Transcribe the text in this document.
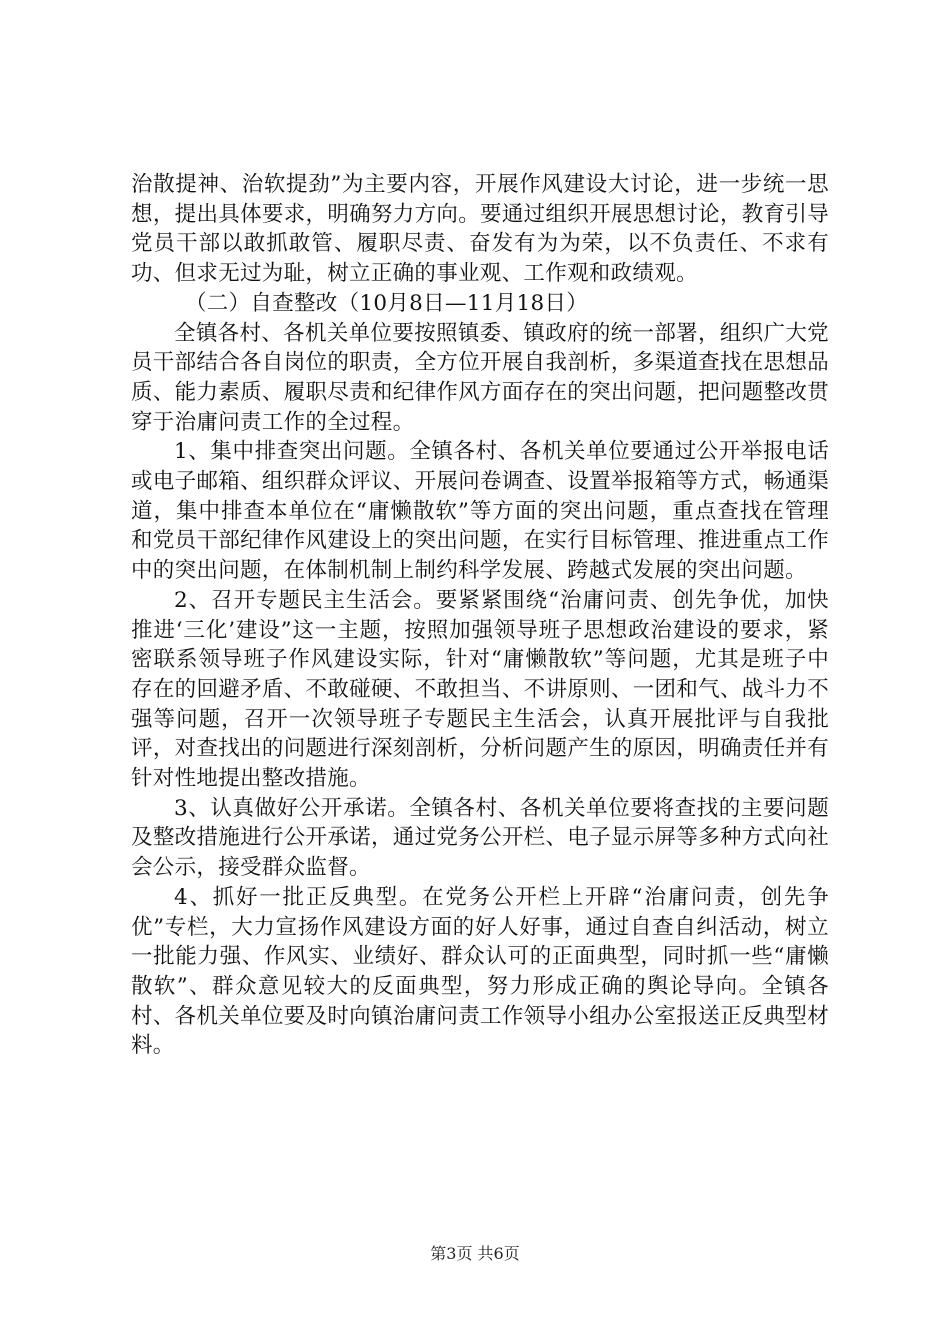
治散提神、治软提劲”为主要内容，开展作风建设大讨论，进一步统一思想，提出具体要求，明确努力方向。要通过组织开展思想讨论，教育引导党员干部以敢抓敢管、履职尽责、奋发有为为荣，以不负责任、不求有功、但求无过为耻，树立正确的事业观、工作观和政绩观。

（二）自查整改（10月8日—11月18日）

全镇各村、各机关单位要按照镇委、镇政府的统一部署，组织广大党员干部结合各自岗位的职责，全方位开展自我剖析，多渠道查找在思想品质、能力素质、履职尽责和纪律作风方面存在的突出问题，把问题整改贯穿于治庸问责工作的全过程。

1、集中排查突出问题。全镇各村、各机关单位要通过公开举报电话或电子邮箱、组织群众评议、开展问卷调查、设置举报箱等方式，畅通渠道，集中排查本单位在“庸懒散软”等方面的突出问题，重点查找在管理和党员干部纪律作风建设上的突出问题，在实行目标管理、推进重点工作中的突出问题，在体制机制上制约科学发展、跨越式发展的突出问题。

2、召开专题民主生活会。要紧紧围绕“治庸问责、创先争优，加快推进‘三化’建设”这一主题，按照加强领导班子思想政治建设的要求，紧密联系领导班子作风建设实际，针对“庸懒散软”等问题，尤其是班子中存在的回避矛盾、不敢碰硬、不敢担当、不讲原则、一团和气、战斗力不强等问题，召开一次领导班子专题民主生活会，认真开展批评与自我批评，对查找出的问题进行深刻剖析，分析问题产生的原因，明确责任并有针对性地提出整改措施。

3、认真做好公开承诺。全镇各村、各机关单位要将查找的主要问题及整改措施进行公开承诺，通过党务公开栏、电子显示屏等多种方式向社会公示，接受群众监督。

4、抓好一批正反典型。在党务公开栏上开辟“治庸问责，创先争优”专栏，大力宣扬作风建设方面的好人好事，通过自查自纠活动，树立一批能力强、作风实、业绩好、群众认可的正面典型，同时抓一些“庸懒散软”、群众意见较大的反面典型，努力形成正确的舆论导向。全镇各村、各机关单位要及时向镇治庸问责工作领导小组办公室报送正反典型材料。

第3页 共6页
